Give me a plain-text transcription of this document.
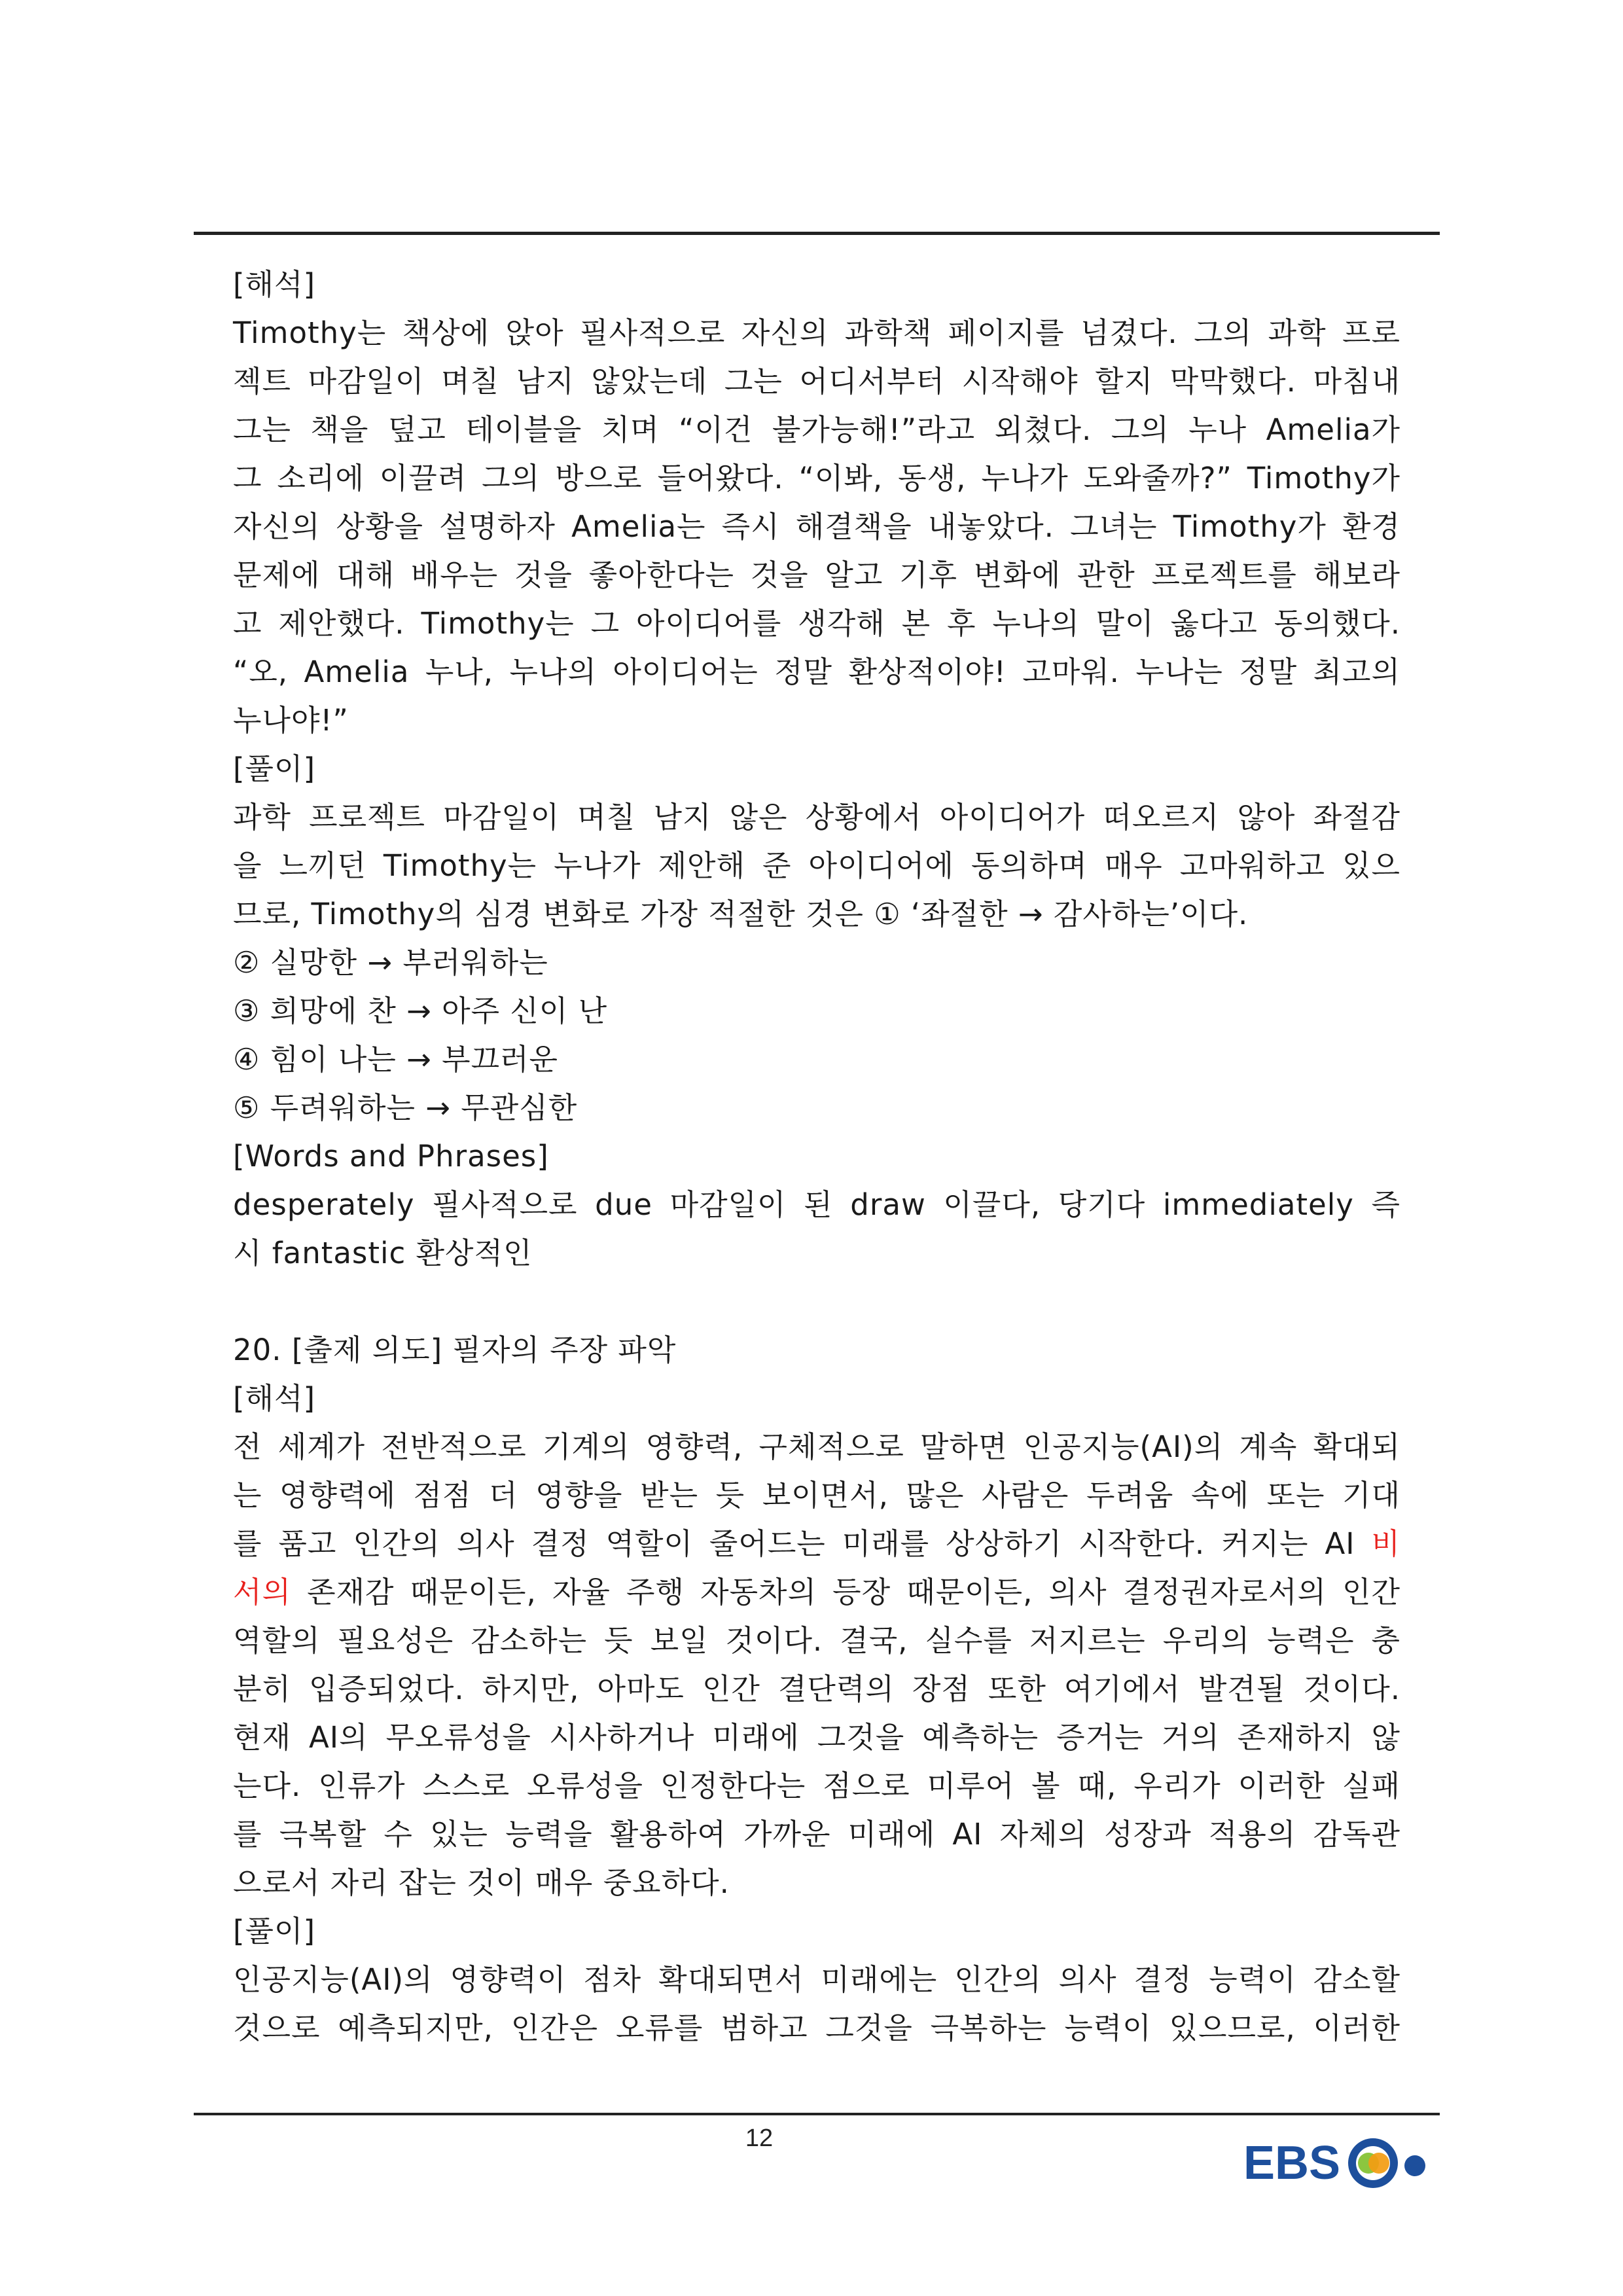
[해석]
Timothy는 책상에 앉아 필사적으로 자신의 과학책 페이지를 넘겼다. 그의 과학 프로
젝트 마감일이 며칠 남지 않았는데 그는 어디서부터 시작해야 할지 막막했다. 마침내
그는 책을 덮고 테이블을 치며 “이건 불가능해!”라고 외쳤다. 그의 누나 Amelia가
그 소리에 이끌려 그의 방으로 들어왔다. “이봐, 동생, 누나가 도와줄까?” Timothy가
자신의 상황을 설명하자 Amelia는 즉시 해결책을 내놓았다. 그녀는 Timothy가 환경
문제에 대해 배우는 것을 좋아한다는 것을 알고 기후 변화에 관한 프로젝트를 해보라
고 제안했다. Timothy는 그 아이디어를 생각해 본 후 누나의 말이 옳다고 동의했다.
“오, Amelia 누나, 누나의 아이디어는 정말 환상적이야! 고마워. 누나는 정말 최고의
누나야!”
[풀이]
과학 프로젝트 마감일이 며칠 남지 않은 상황에서 아이디어가 떠오르지 않아 좌절감
을 느끼던 Timothy는 누나가 제안해 준 아이디어에 동의하며 매우 고마워하고 있으
므로, Timothy의 심경 변화로 가장 적절한 것은 ① ‘좌절한 → 감사하는’이다.
② 실망한 → 부러워하는
③ 희망에 찬 → 아주 신이 난
④ 힘이 나는 → 부끄러운
⑤ 두려워하는 → 무관심한
[Words and Phrases]
desperately 필사적으로 due 마감일이 된 draw 이끌다, 당기다 immediately 즉
시 fantastic 환상적인
20. [출제 의도] 필자의 주장 파악
[해석]
전 세계가 전반적으로 기계의 영향력, 구체적으로 말하면 인공지능(AI)의 계속 확대되
는 영향력에 점점 더 영향을 받는 듯 보이면서, 많은 사람은 두려움 속에 또는 기대
를 품고 인간의 의사 결정 역할이 줄어드는 미래를 상상하기 시작한다. 커지는 AI 비
서의 존재감 때문이든, 자율 주행 자동차의 등장 때문이든, 의사 결정권자로서의 인간
역할의 필요성은 감소하는 듯 보일 것이다. 결국, 실수를 저지르는 우리의 능력은 충
분히 입증되었다. 하지만, 아마도 인간 결단력의 장점 또한 여기에서 발견될 것이다.
현재 AI의 무오류성을 시사하거나 미래에 그것을 예측하는 증거는 거의 존재하지 않
는다. 인류가 스스로 오류성을 인정한다는 점으로 미루어 볼 때, 우리가 이러한 실패
를 극복할 수 있는 능력을 활용하여 가까운 미래에 AI 자체의 성장과 적용의 감독관
으로서 자리 잡는 것이 매우 중요하다.
[풀이]
인공지능(AI)의 영향력이 점차 확대되면서 미래에는 인간의 의사 결정 능력이 감소할
것으로 예측되지만, 인간은 오류를 범하고 그것을 극복하는 능력이 있으므로, 이러한
12	EBS
